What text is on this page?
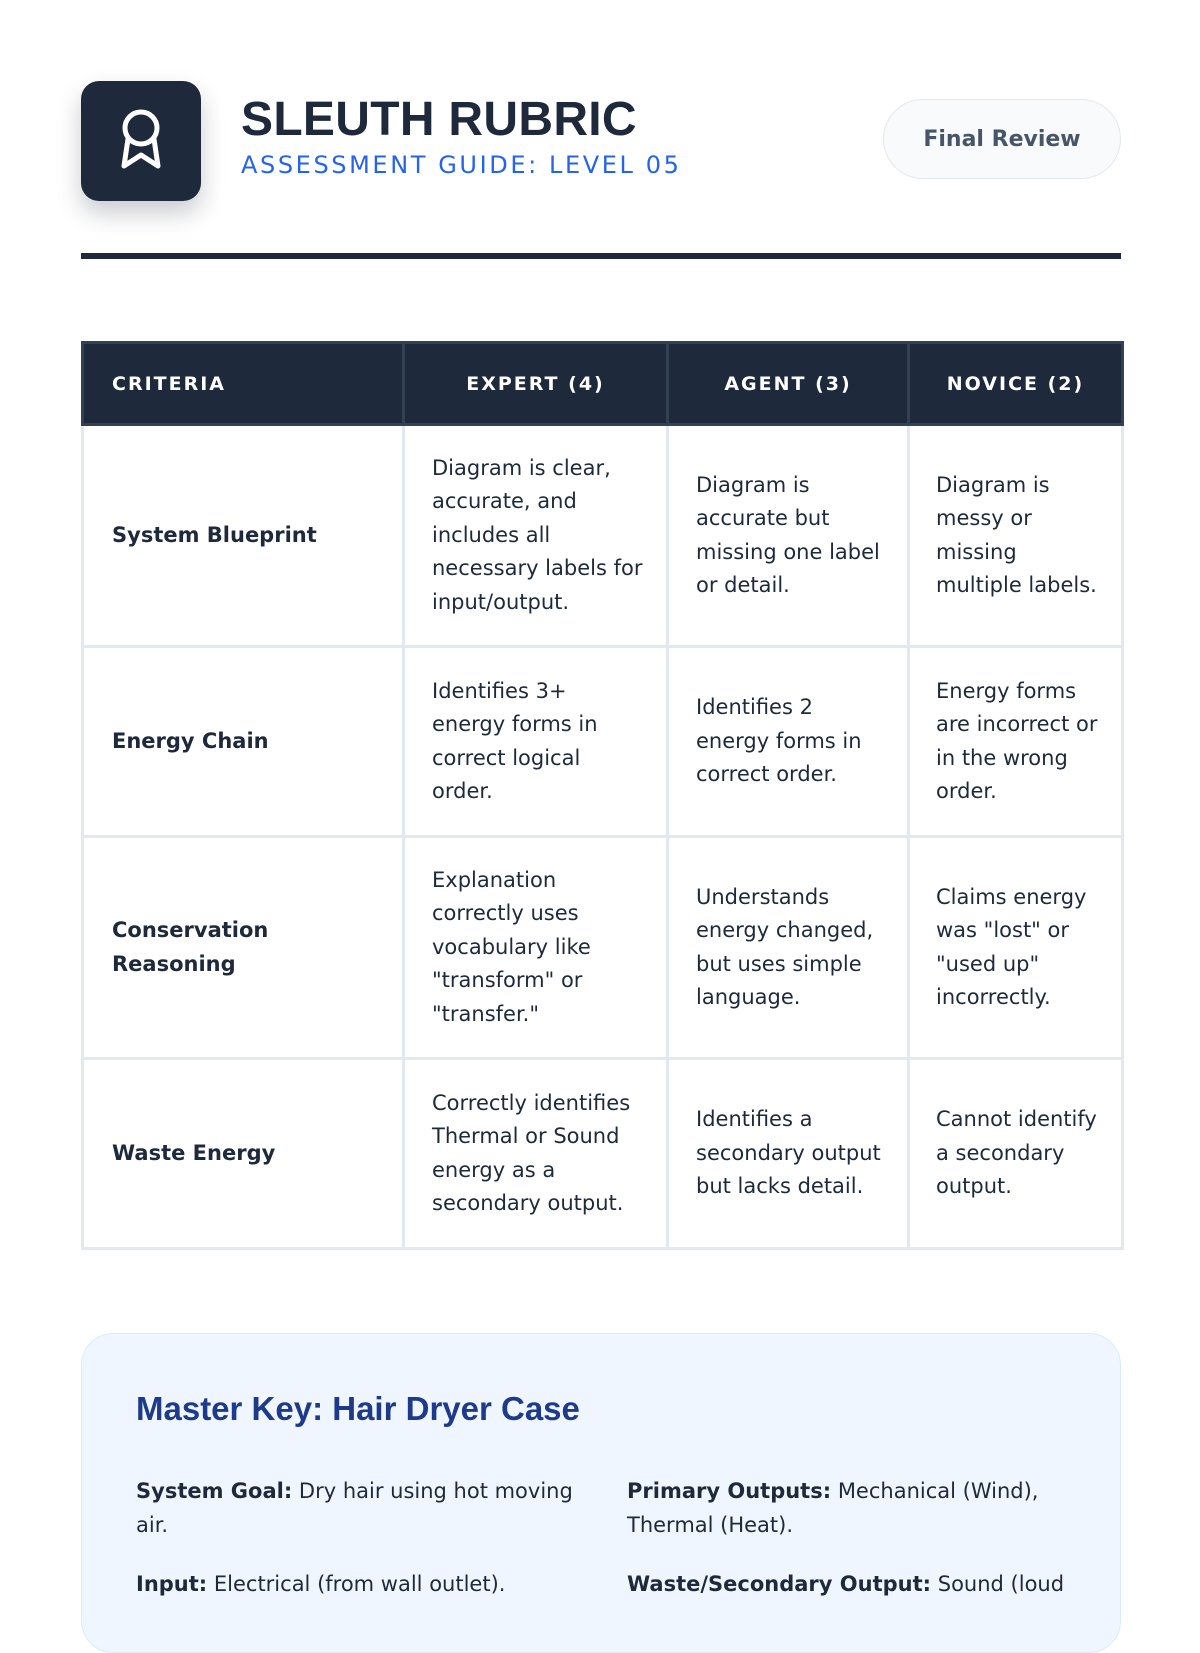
SLEUTH RUBRIC
ASSESSMENT GUIDE: LEVEL 05
Final Review
CRITERIA	EXPERT (4)	AGENT (3)	NOVICE (2)
System Blueprint	Diagram is clear, accurate, and includes all necessary labels for input/output.	Diagram is accurate but missing one label or detail.	Diagram is messy or missing multiple labels.
Energy Chain	Identifies 3+ energy forms in correct logical order.	Identifies 2 energy forms in correct order.	Energy forms are incorrect or in the wrong order.
Conservation Reasoning	Explanation correctly uses vocabulary like "transform" or "transfer."	Understands energy changed, but uses simple language.	Claims energy was "lost" or "used up" incorrectly.
Waste Energy	Correctly identifies Thermal or Sound energy as a secondary output.	Identifies a secondary output but lacks detail.	Cannot identify a secondary output.
Master Key: Hair Dryer Case
System Goal: Dry hair using hot moving air.
Primary Outputs: Mechanical (Wind), Thermal (Heat).
Input: Electrical (from wall outlet).	Waste/Secondary Output: Sound (loud
